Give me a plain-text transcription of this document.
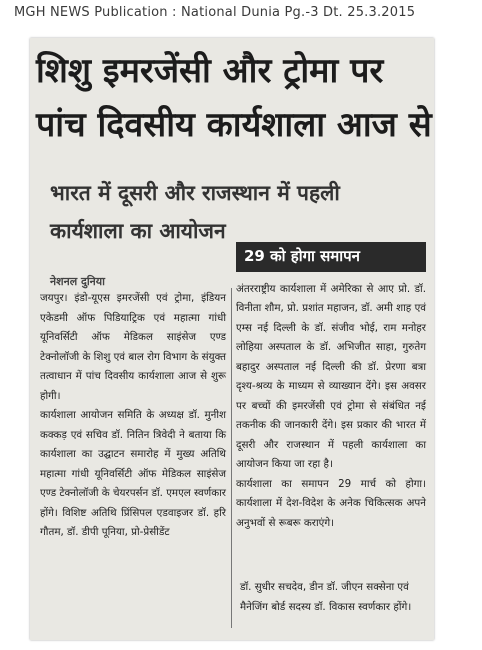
MGH NEWS Publication : National Dunia Pg.-3 Dt. 25.3.2015
शिशु इमरजेंसी और ट्रोमा पर
पांच दिवसीय कार्यशाला आज से
भारत में दूसरी और राजस्थान में पहली
कार्यशाला का आयोजन
नेशनल दुनिया

जयपुर। इंडो-यूएस इमरजेंसी एवं ट्रोमा, इंडियन एकेडमी ऑफ पिडियाट्रिक एवं महात्मा गांधी यूनिवर्सिटी ऑफ मेडिकल साइंसेज एण्ड टेक्नोलॉजी के शिशु एवं बाल रोग विभाग के संयुक्त तत्वाधान में पांच दिवसीय कार्यशाला आज से शुरू होगी।

कार्यशाला आयोजन समिति के अध्यक्ष डॉ. मुनीश कक्कड़ एवं सचिव डॉ. नितिन त्रिवेदी ने बताया कि कार्यशाला का उद्घाटन समारोह में मुख्य अतिथि महात्मा गांधी यूनिवर्सिटी ऑफ मेडिकल साइंसेज एण्ड टेक्नोलॉजी के चेयरपर्सन डॉ. एमएल स्वर्णकार होंगे। विशिष्ट अतिथि प्रिंसिपल एडवाइजर डॉ. हरि गौतम, डॉ. डीपी पूनिया, प्रो-प्रेसीडेंट

29 को होगा समापन

अंतरराष्ट्रीय कार्यशाला में अमेरिका से आए प्रो. डॉ. विनीता शौम, प्रो. प्रशांत महाजन, डॉ. अमी शाह एवं एम्स नई दिल्ली के डॉ. संजीव भोई, राम मनोहर लोहिया अस्पताल के डॉ. अभिजीत साहा, गुरुतेग बहादुर अस्पताल नई दिल्ली की डॉ. प्रेरणा बत्रा दृश्य-श्रव्य के माध्यम से व्याख्यान देंगे। इस अवसर पर बच्चों की इमरजेंसी एवं ट्रोमा से संबंधित नई तकनीक की जानकारी देंगे। इस प्रकार की भारत में दूसरी और राजस्थान में पहली कार्यशाला का आयोजन किया जा रहा है।

कार्यशाला का समापन 29 मार्च को होगा। कार्यशाला में देश-विदेश के अनेक चिकित्सक अपने अनुभवों से रूबरू कराएंगे।

डॉ. सुधीर सचदेव, डीन डॉ. जीएन सक्सेना एवं मैनेजिंग बोर्ड सदस्य डॉ. विकास स्वर्णकार होंगे।
